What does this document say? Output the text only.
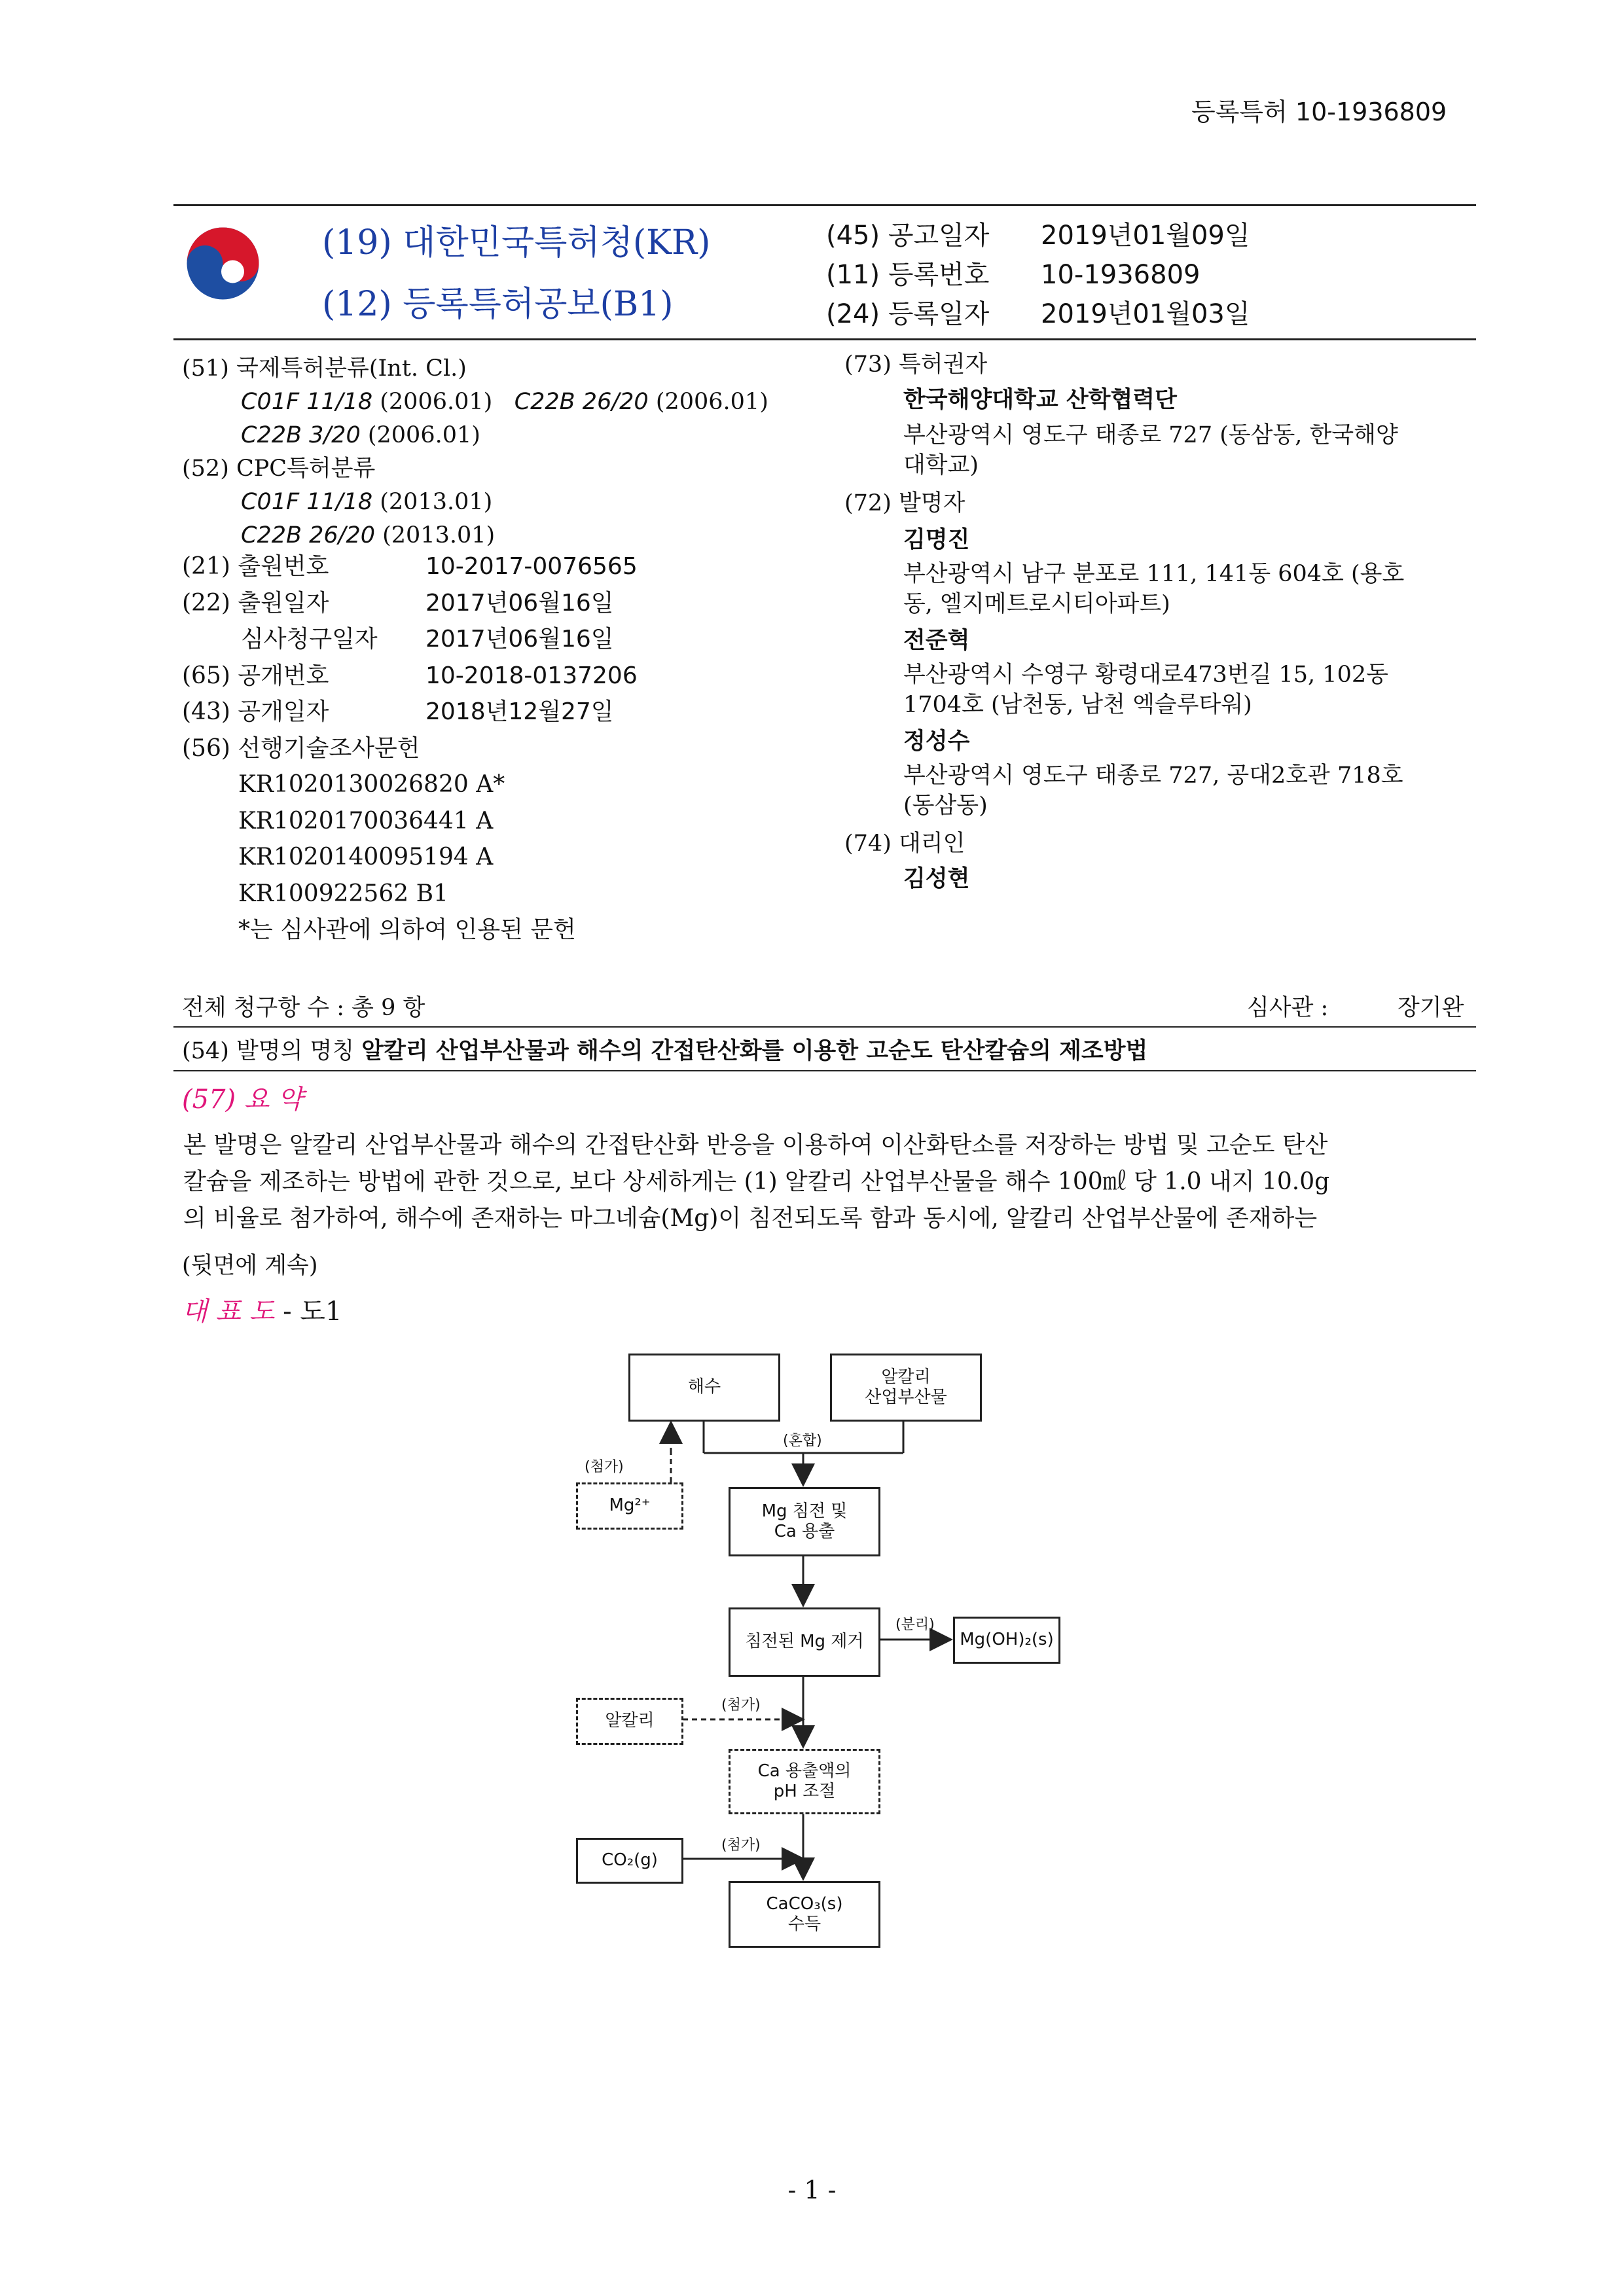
등록특허 10-1936809
(19) 대한민국특허청(KR)
(12) 등록특허공보(B1)
(45) 공고일자 2019년01월09일
(11) 등록번호 10-1936809
(24) 등록일자 2019년01월03일
(51) 국제특허분류(Int. Cl.)
C01F 11/18 (2006.01) C22B 26/20 (2006.01)
C22B 3/20 (2006.01)
(52) CPC특허분류
C01F 11/18 (2013.01)
C22B 26/20 (2013.01)
(21) 출원번호	10-2017-0076565
(22) 출원일자	2017년06월16일
심사청구일자 2017년06월16일
(65) 공개번호	10-2018-0137206
(43) 공개일자	2018년12월27일
(56) 선행기술조사문헌
KR1020130026820 A*
KR1020170036441 A
KR1020140095194 A
KR100922562 B1
*는 심사관에 의하여 인용된 문헌
(73) 특허권자
한국해양대학교 산학협력단
부산광역시 영도구 태종로 727 (동삼동, 한국해양
대학교)
(72) 발명자
김명진
부산광역시 남구 분포로 111, 141동 604호 (용호
동, 엘지메트로시티아파트)
전준혁
부산광역시 수영구 황령대로473번길 15, 102동
1704호 (남천동, 남천 엑슬루타워)
정성수
부산광역시 영도구 태종로 727, 공대2호관 718호
(동삼동)
(74) 대리인
김성현
전체 청구항 수 : 총 9 항	심사관 :	장기완
(54) 발명의 명칭 알칼리 산업부산물과 해수의 간접탄산화를 이용한 고순도 탄산칼슘의 제조방법
(57) 요 약
본 발명은 알칼리 산업부산물과 해수의 간접탄산화 반응을 이용하여 이산화탄소를 저장하는 방법 및 고순도 탄산
칼슘을 제조하는 방법에 관한 것으로, 보다 상세하게는 (1) 알칼리 산업부산물을 해수 100㎖ 당 1.0 내지 10.0g
의 비율로 첨가하여, 해수에 존재하는 마그네슘(Mg)이 침전되도록 함과 동시에, 알칼리 산업부산물에 존재하는
(뒷면에 계속)
대 표 도 - 도1
해수
알칼리
산업부산물
(혼합)
(첨가)
Mg²⁺	Mg 침전 및
Ca 용출
침전된 Mg 제거
(분리)
Mg(OH)₂(s)
알칼리
(첨가)
Ca 용출액의
pH 조절
CO₂(g)
(첨가)
CaCO₃(s)
수득
- 1 -
